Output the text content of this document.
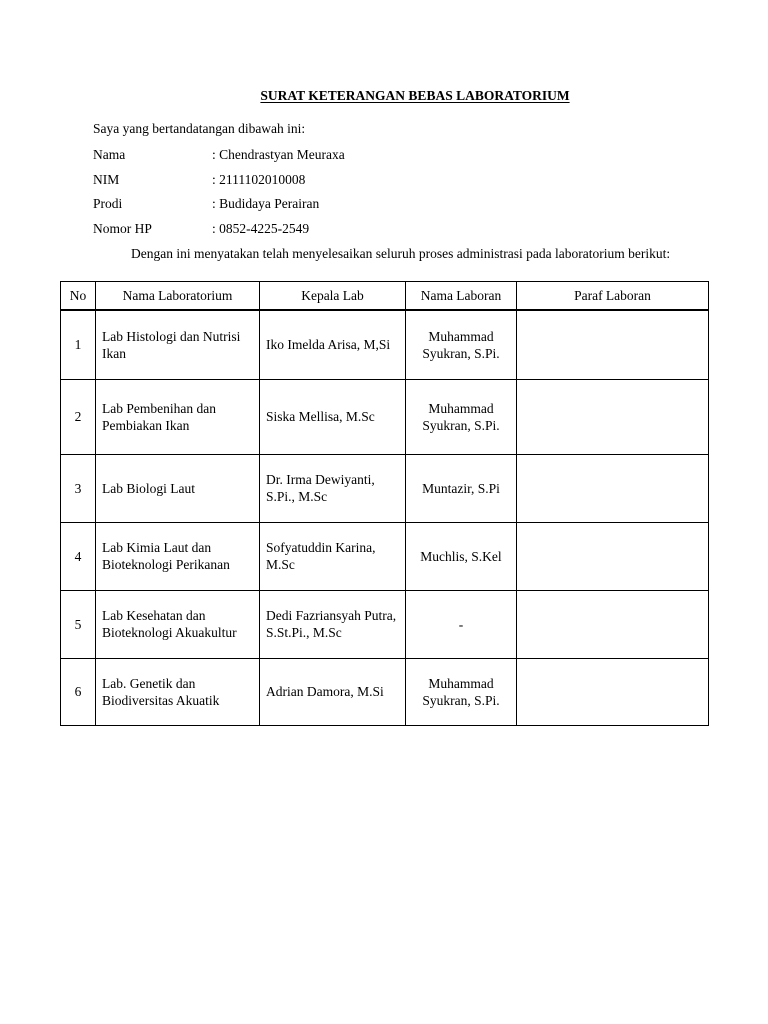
SURAT KETERANGAN BEBAS LABORATORIUM
Saya yang bertandatangan dibawah ini:
Nama	: Chendrastyan Meuraxa
NIM	: 2111102010008
Prodi	: Budidaya Perairan
Nomor HP	: 0852-4225-2549
Dengan ini menyatakan telah menyelesaikan seluruh proses administrasi pada laboratorium berikut:
No	Nama Laboratorium	Kepala Lab	Nama Laboran	Paraf Laboran
1	Lab Histologi dan Nutrisi Ikan	Iko Imelda Arisa, M,Si	Muhammad Syukran, S.Pi.	
2	Lab Pembenihan dan Pembiakan Ikan	Siska Mellisa, M.Sc	Muhammad Syukran, S.Pi.	
3	Lab Biologi Laut	Dr. Irma Dewiyanti, S.Pi., M.Sc	Muntazir, S.Pi	
4	Lab Kimia Laut dan Bioteknologi Perikanan	Sofyatuddin Karina, M.Sc	Muchlis, S.Kel	
5	Lab Kesehatan dan Bioteknologi Akuakultur	Dedi Fazriansyah Putra, S.St.Pi., M.Sc	-	
6	Lab. Genetik dan Biodiversitas Akuatik	Adrian Damora, M.Si	Muhammad Syukran, S.Pi.	
